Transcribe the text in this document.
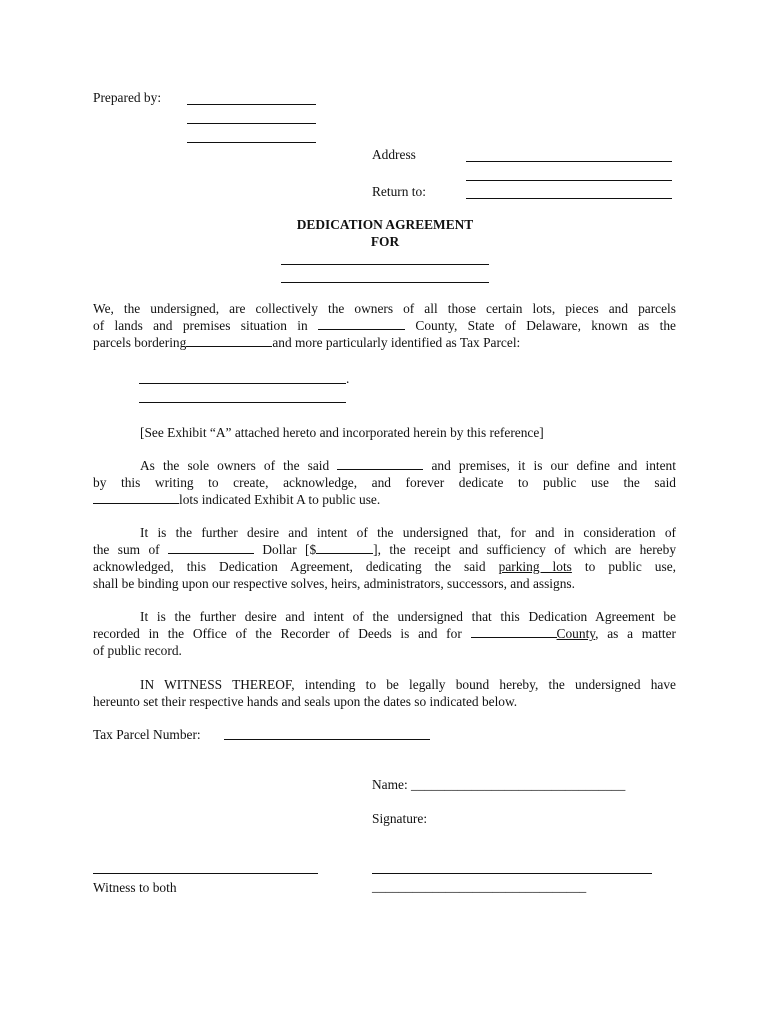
Prepared by:
Address
Return to:
DEDICATION AGREEMENT
FOR
We, the undersigned, are collectively the owners of all those certain lots, pieces and parcels
of lands and premises situation in	County, State of Delaware, known as the
parcels bordering	and more particularly identified as Tax Parcel:
.
[See Exhibit “A” attached hereto and incorporated herein by this reference]
As the sole owners of the said	and premises, it is our define and intent
by this writing to create, acknowledge, and forever dedicate to public use the said
lots indicated Exhibit A to public use.
It is the further desire and intent of the undersigned that, for and in consideration of
the sum of	Dollar [$	], the receipt and sufficiency of which are hereby
acknowledged, this Dedication Agreement, dedicating the said parking lots to public use,
shall be binding upon our respective solves, heirs, administrators, successors, and assigns.
It is the further desire and intent of the undersigned that this Dedication Agreement be
recorded in the Office of the Recorder of Deeds is and for	County, as a matter
of public record.
IN WITNESS THEREOF, intending to be legally bound hereby, the undersigned have
hereunto set their respective hands and seals upon the dates so indicated below.
Tax Parcel Number:
Name: ________________________________
Signature:
Witness to both	________________________________
